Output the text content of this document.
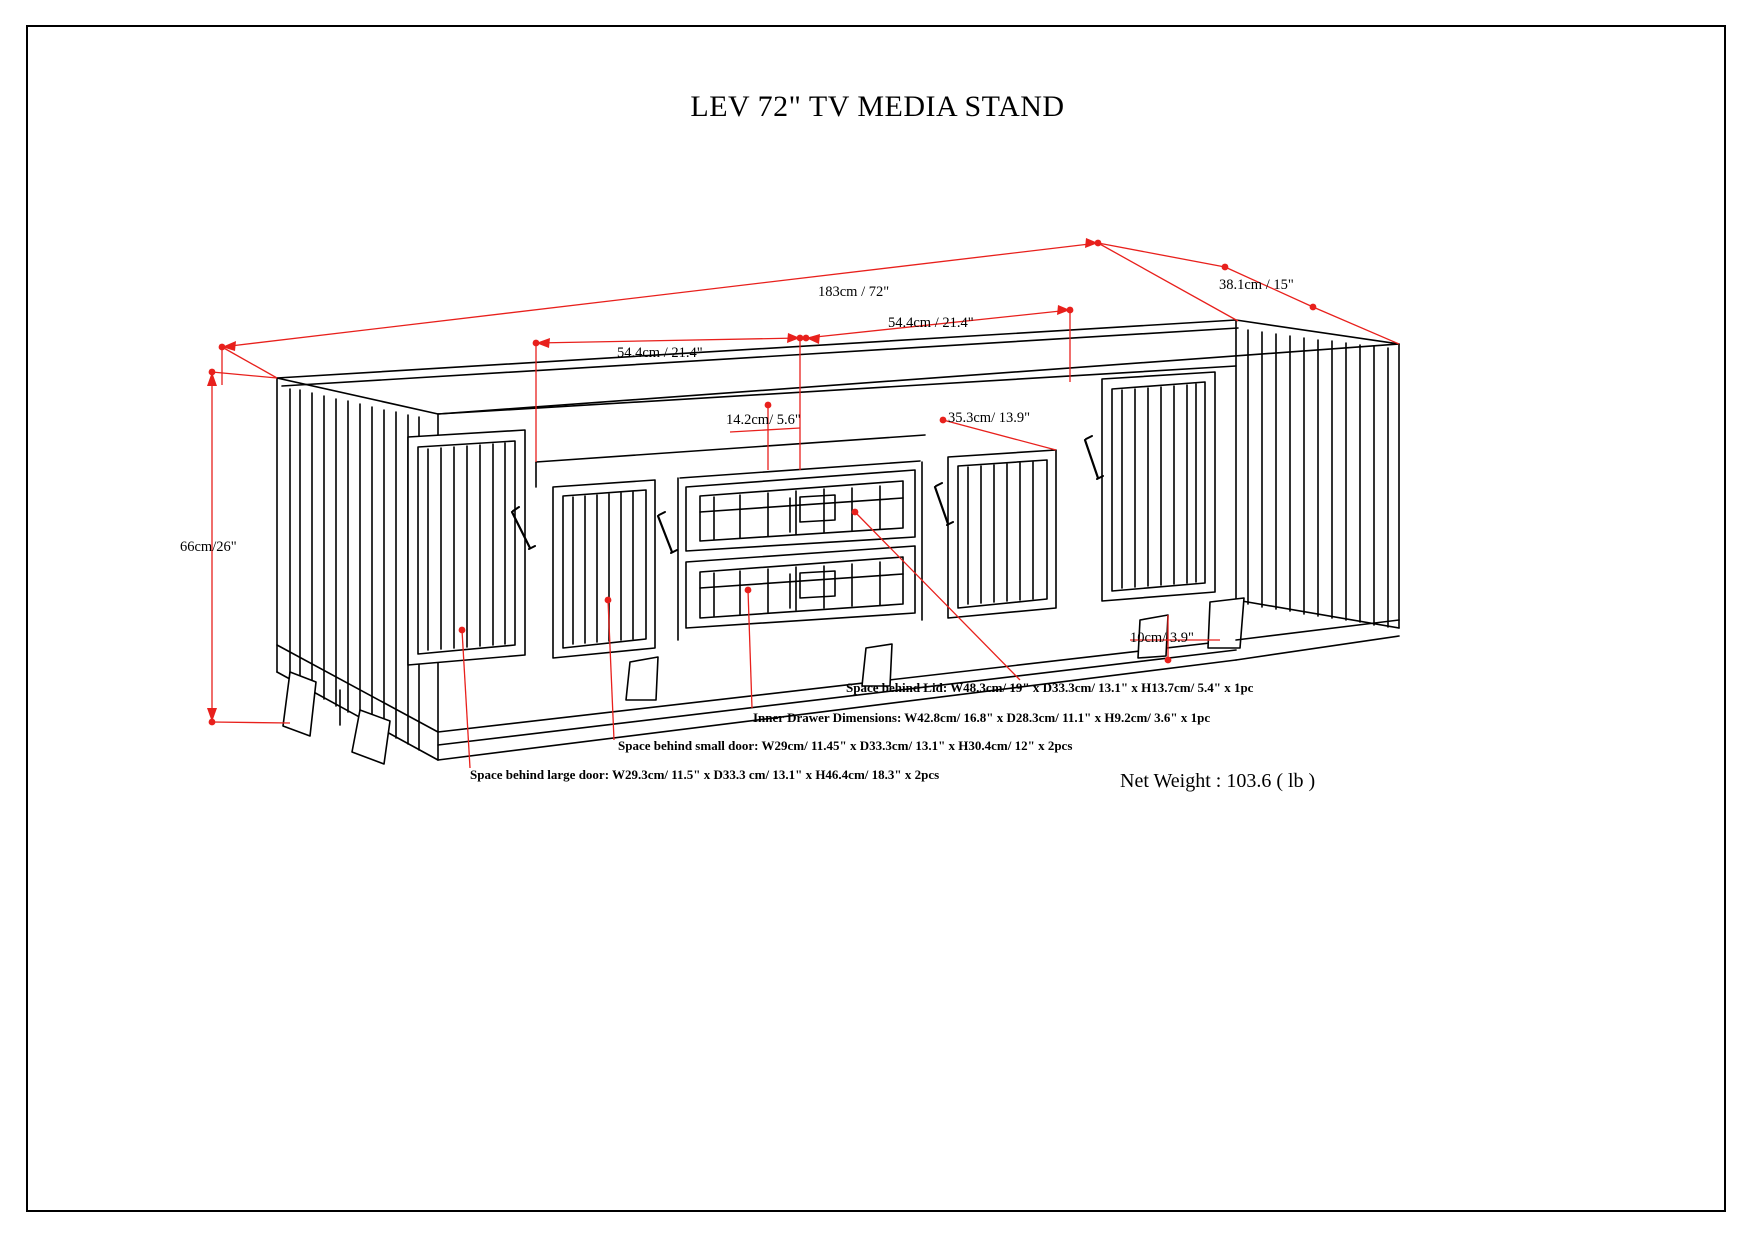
LEV 72" TV MEDIA STAND
183cm / 72"	38.1cm / 15"
66cm/26"
54.4cm / 21.4"
54.4cm / 21.4"
14.2cm/ 5.6"	35.3cm/ 13.9"
10cm/ 3.9"
Space behind Lid: W48.3cm/ 19" x D33.3cm/ 13.1" x H13.7cm/ 5.4" x 1pc
Inner Drawer Dimensions: W42.8cm/ 16.8" x D28.3cm/ 11.1" x H9.2cm/ 3.6" x 1pc
Space behind small door: W29cm/ 11.45" x D33.3cm/ 13.1" x H30.4cm/ 12" x 2pcs
Space behind large door: W29.3cm/ 11.5" x D33.3 cm/ 13.1" x H46.4cm/ 18.3" x 2pcs	Net Weight : 103.6 ( lb )
